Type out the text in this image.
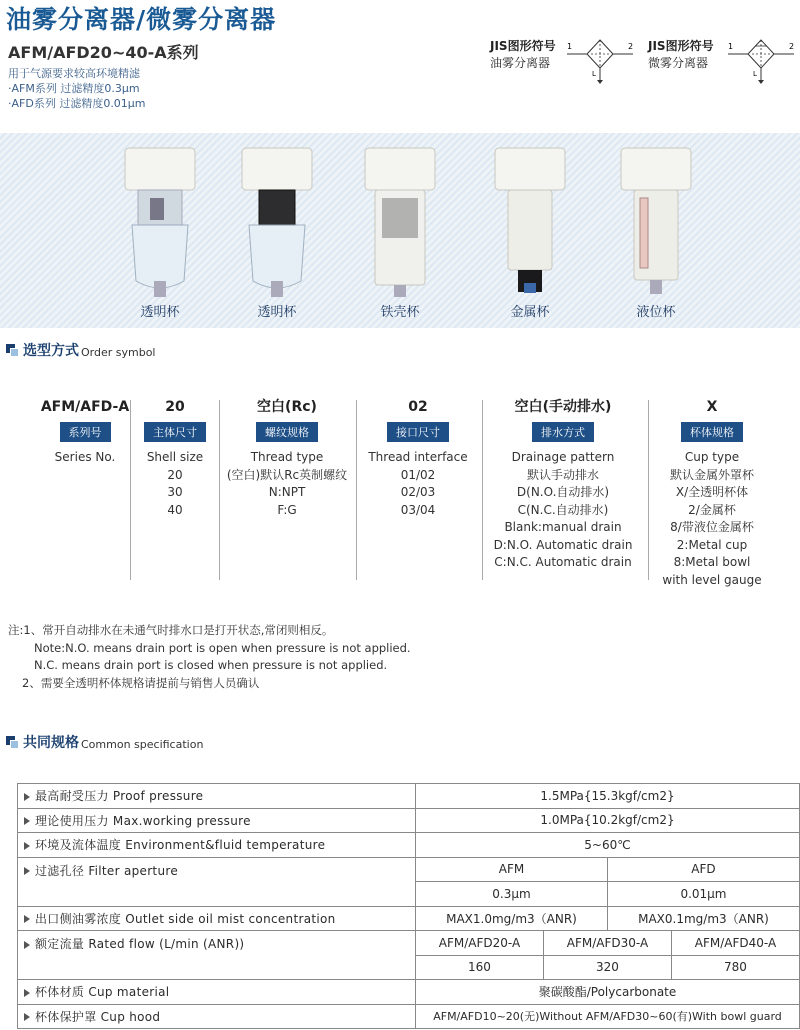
油雾分离器/微雾分离器
AFM/AFD20~40-A系列
用于气源要求较高环境精滤
·AFM系列 过滤精度0.3μm
·AFD系列 过滤精度0.01μm
JIS图形符号
油雾分离器
1	2
L
JIS图形符号
微雾分离器
1	2
L
透明杯	透明杯	铁壳杯	金属杯	液位杯
选型方式 Order symbol
AFM/AFD-A
系列号
Series No.
20
主体尺寸
Shell size
20
30
40
空白(Rc)
螺纹规格
Thread type
(空白)默认Rc英制螺纹
N:NPT
F:G
02
接口尺寸
Thread interface
01/02
02/03
03/04
空白(手动排水)
排水方式
Drainage pattern
默认手动排水
D(N.O.自动排水)
C(N.C.自动排水)
Blank:manual drain
D:N.O. Automatic drain
C:N.C. Automatic drain
X
杯体规格
Cup type
默认金属外罩杯
X/全透明杯体
2/金属杯
8/带液位金属杯
2:Metal cup
8:Metal bowl
with level gauge
注:1、常开自动排水在未通气时排水口是打开状态,常闭则相反。
Note:N.O. means drain port is open when pressure is not applied.
N.C. means drain port is closed when pressure is not applied.
2、需要全透明杯体规格请提前与销售人员确认
共同规格 Common specification
最高耐受压力 Proof pressure	1.5MPa{15.3kgf/cm2}			
理论使用压力 Max.working pressure	1.0MPa{10.2kgf/cm2}			
环境及流体温度 Environment&fluid temperature	5~60℃			
过滤孔径 Filter aperture	AFM		AFD	
	0.3μm		0.01μm	
出口侧油雾浓度 Outlet side oil mist concentration	MAX1.0mg/m3（ANR)		MAX0.1mg/m3（ANR)	
额定流量 Rated flow (L/min (ANR))	AFM/AFD20-A	AFM/AFD30-A		AFM/AFD40-A
	160	320		780
杯体材质 Cup material	聚碳酸酯/Polycarbonate			
杯体保护罩 Cup hood	AFM/AFD10~20(无)Without AFM/AFD30~60(有)With bowl guard			
